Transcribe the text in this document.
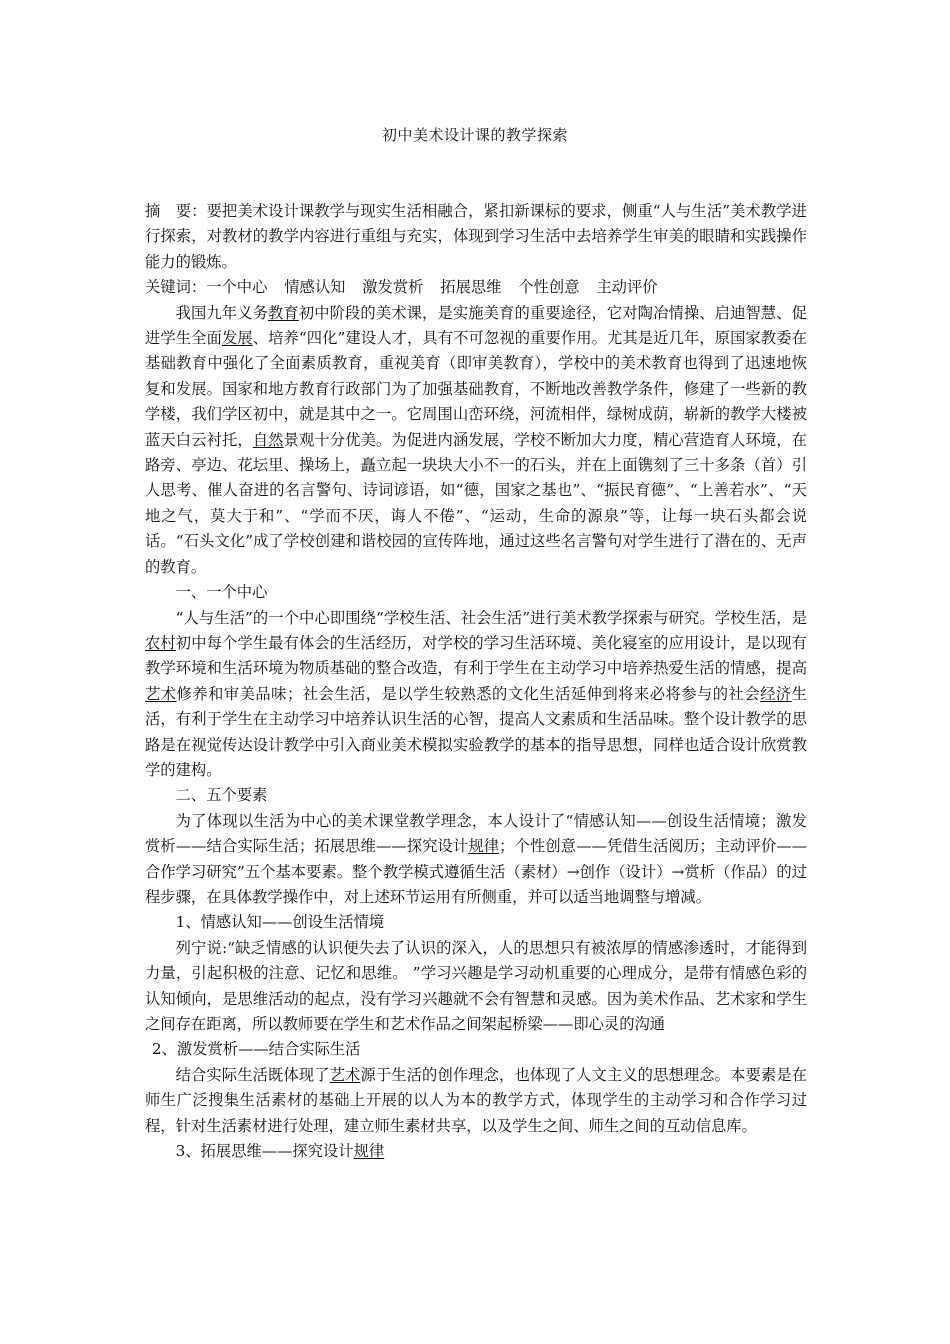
初中美术设计课的教学探索

摘　要：要把美术设计课教学与现实生活相融合，紧扣新课标的要求，侧重“人与生活”美术教学进行探索，对教材的教学内容进行重组与充实，体现到学习生活中去培养学生审美的眼睛和实践操作能力的锻炼。

关键词：一个中心 情感认知 激发赏析 拓展思维 个性创意 主动评价

我国九年义务教育初中阶段的美术课，是实施美育的重要途径，它对陶冶情操、启迪智慧、促进学生全面发展、培养“四化”建设人才，具有不可忽视的重要作用。尤其是近几年，原国家教委在基础教育中强化了全面素质教育，重视美育（即审美教育），学校中的美术教育也得到了迅速地恢复和发展。国家和地方教育行政部门为了加强基础教育，不断地改善教学条件，修建了一些新的教学楼，我们学区初中，就是其中之一。它周围山峦环绕，河流相伴，绿树成荫，崭新的教学大楼被蓝天白云衬托，自然景观十分优美。为促进内涵发展，学校不断加大力度，精心营造育人环境，在路旁、亭边、花坛里、操场上，矗立起一块块大小不一的石头，并在上面镌刻了三十多条（首）引人思考、催人奋进的名言警句、诗词谚语，如“德，国家之基也”、“振民育德”、“上善若水”、“天地之气，莫大于和”、“学而不厌，诲人不倦”、“运动，生命的源泉”等，让每一块石头都会说话。“石头文化”成了学校创建和谐校园的宣传阵地，通过这些名言警句对学生进行了潜在的、无声的教育。

一、一个中心

“人与生活”的一个中心即围绕“学校生活、社会生活”进行美术教学探索与研究。学校生活，是农村初中每个学生最有体会的生活经历，对学校的学习生活环境、美化寝室的应用设计，是以现有教学环境和生活环境为物质基础的整合改造，有利于学生在主动学习中培养热爱生活的情感，提高艺术修养和审美品味；社会生活，是以学生较熟悉的文化生活延伸到将来必将参与的社会经济生活，有利于学生在主动学习中培养认识生活的心智，提高人文素质和生活品味。整个设计教学的思路是在视觉传达设计教学中引入商业美术模拟实验教学的基本的指导思想，同样也适合设计欣赏教学的建构。

二、五个要素

为了体现以生活为中心的美术课堂教学理念，本人设计了“情感认知——创设生活情境；激发赏析——结合实际生活；拓展思维——探究设计规律；个性创意——凭借生活阅历；主动评价——合作学习研究”五个基本要素。整个教学模式遵循生活（素材）→创作（设计）→赏析（作品）的过程步骤，在具体教学操作中，对上述环节运用有所侧重，并可以适当地调整与增减。

1、情感认知——创设生活情境

列宁说:“缺乏情感的认识便失去了认识的深入，人的思想只有被浓厚的情感渗透时，才能得到力量，引起积极的注意、记忆和思维。 ”学习兴趣是学习动机重要的心理成分，是带有情感色彩的认知倾向，是思维活动的起点，没有学习兴趣就不会有智慧和灵感。因为美术作品、艺术家和学生之间存在距离，所以教师要在学生和艺术作品之间架起桥梁——即心灵的沟通

2、激发赏析——结合实际生活

结合实际生活既体现了艺术源于生活的创作理念，也体现了人文主义的思想理念。本要素是在师生广泛搜集生活素材的基础上开展的以人为本的教学方式，体现学生的主动学习和合作学习过程，针对生活素材进行处理，建立师生素材共享，以及学生之间、师生之间的互动信息库。

3、拓展思维——探究设计规律
